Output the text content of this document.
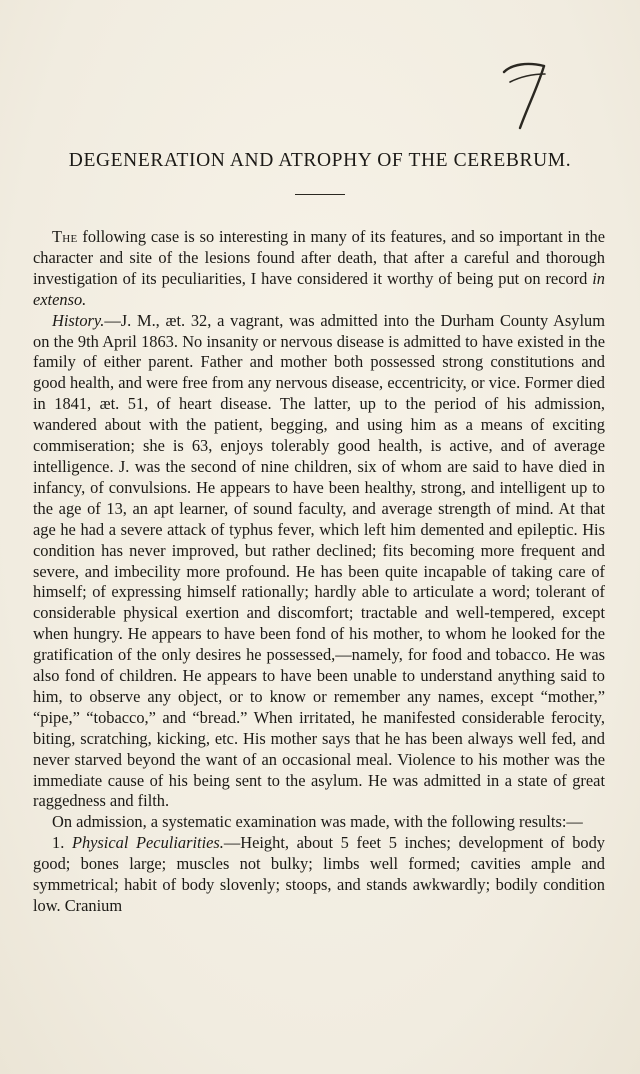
DEGENERATION AND ATROPHY OF THE CEREBRUM.

The following case is so interesting in many of its features, and so important in the character and site of the lesions found after death, that after a careful and thorough investigation of its peculiarities, I have considered it worthy of being put on record in extenso.

History.—J. M., æt. 32, a vagrant, was admitted into the Durham County Asylum on the 9th April 1863. No insanity or nervous disease is admitted to have existed in the family of either parent. Father and mother both possessed strong constitutions and good health, and were free from any nervous disease, eccentricity, or vice. Former died in 1841, æt. 51, of heart disease. The latter, up to the period of his admission, wandered about with the patient, begging, and using him as a means of exciting commiseration; she is 63, enjoys tolerably good health, is active, and of average intelligence. J. was the second of nine children, six of whom are said to have died in infancy, of convulsions. He appears to have been healthy, strong, and intelligent up to the age of 13, an apt learner, of sound faculty, and average strength of mind. At that age he had a severe attack of typhus fever, which left him demented and epileptic. His condition has never improved, but rather declined; fits becoming more frequent and severe, and imbecility more profound. He has been quite incapable of taking care of himself; of expressing himself rationally; hardly able to articulate a word; tolerant of considerable physical exertion and discomfort; tractable and well-tempered, except when hungry. He appears to have been fond of his mother, to whom he looked for the gratification of the only desires he possessed,—namely, for food and tobacco. He was also fond of children. He appears to have been unable to understand anything said to him, to observe any object, or to know or remember any names, except “mother,” “pipe,” “tobacco,” and “bread.” When irritated, he manifested considerable ferocity, biting, scratching, kicking, etc. His mother says that he has been always well fed, and never starved beyond the want of an occasional meal. Violence to his mother was the immediate cause of his being sent to the asylum. He was admitted in a state of great raggedness and filth.

On admission, a systematic examination was made, with the following results:—

1. Physical Peculiarities.—Height, about 5 feet 5 inches; development of body good; bones large; muscles not bulky; limbs well formed; cavities ample and symmetrical; habit of body slovenly; stoops, and stands awkwardly; bodily condition low. Cranium
